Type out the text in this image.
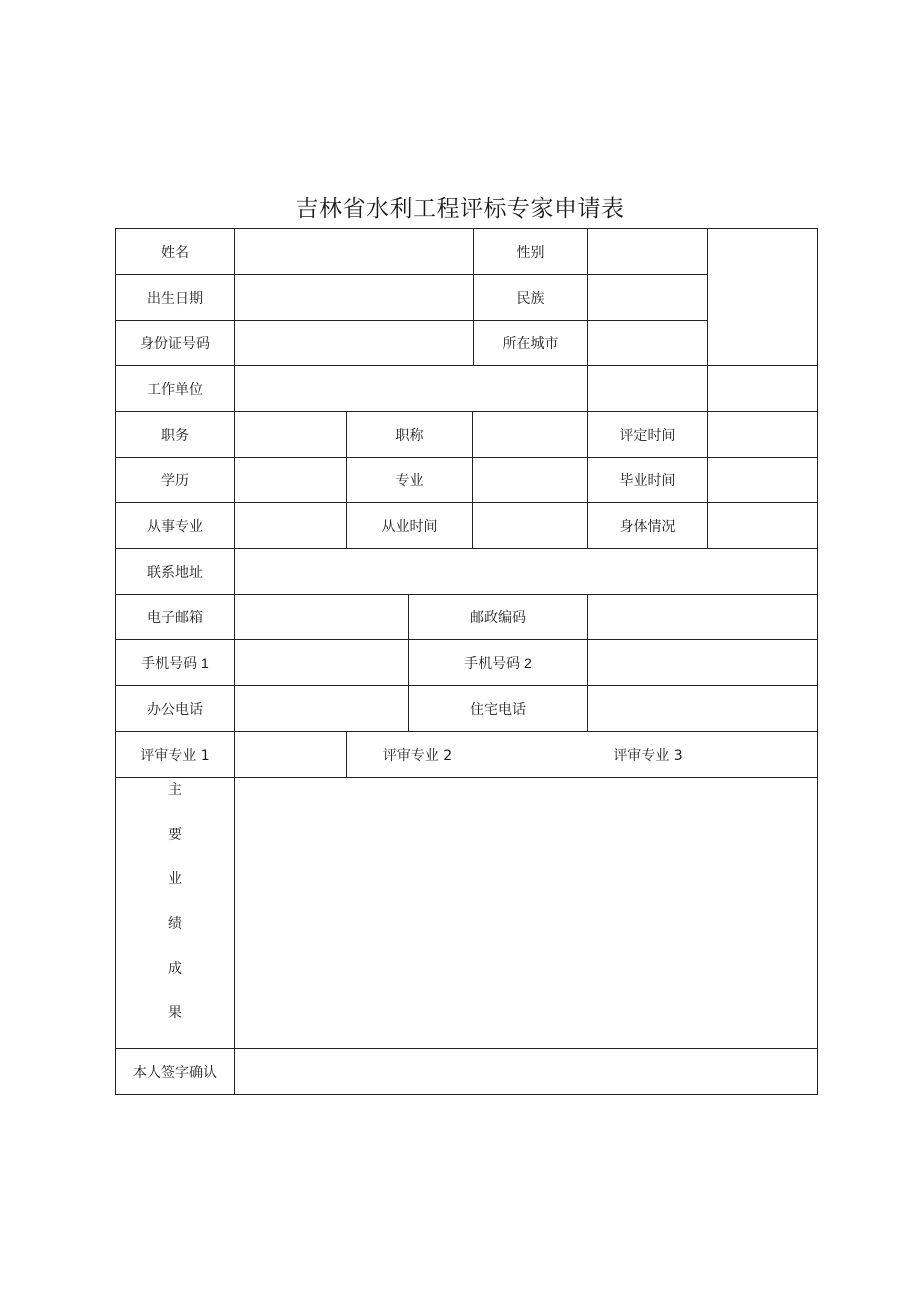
吉林省水利工程评标专家申请表
姓名	性别
出生日期	民族
身份证号码	所在城市
工作单位
职务	职称	评定时间
学历	专业	毕业时间
从事专业	从业时间	身体情况
联系地址
电子邮箱	邮政编码
手机号码 1	手机号码 2
办公电话	住宅电话
评审专业 1	评审专业 2	评审专业 3
主
要
业
绩
成
果
本人签字确认
